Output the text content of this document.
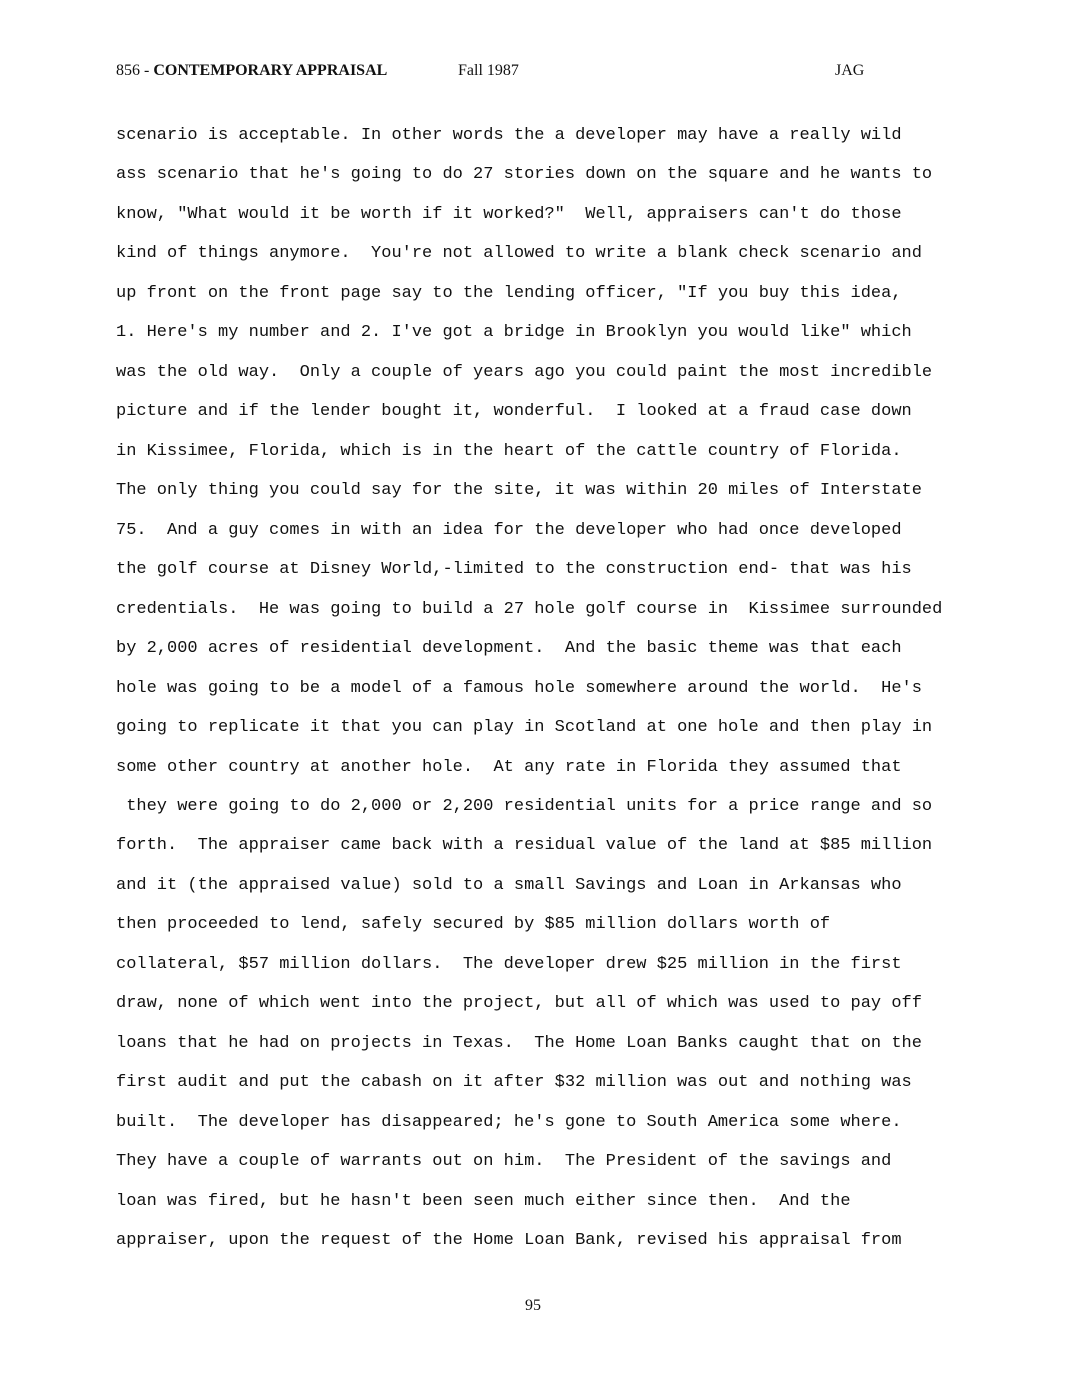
856 - CONTEMPORARY APPRAISAL	Fall 1987	JAG
scenario is acceptable. In other words the a developer may have a really wild
ass scenario that he's going to do 27 stories down on the square and he wants to
know, "What would it be worth if it worked?"  Well, appraisers can't do those
kind of things anymore.  You're not allowed to write a blank check scenario and
up front on the front page say to the lending officer, "If you buy this idea,
1. Here's my number and 2. I've got a bridge in Brooklyn you would like" which
was the old way.  Only a couple of years ago you could paint the most incredible
picture and if the lender bought it, wonderful.  I looked at a fraud case down
in Kissimee, Florida, which is in the heart of the cattle country of Florida.
The only thing you could say for the site, it was within 20 miles of Interstate
75.  And a guy comes in with an idea for the developer who had once developed
the golf course at Disney World,-limited to the construction end- that was his
credentials.  He was going to build a 27 hole golf course in  Kissimee surrounded
by 2,000 acres of residential development.  And the basic theme was that each
hole was going to be a model of a famous hole somewhere around the world.  He's
going to replicate it that you can play in Scotland at one hole and then play in
some other country at another hole.  At any rate in Florida they assumed that
they were going to do 2,000 or 2,200 residential units for a price range and so
forth.  The appraiser came back with a residual value of the land at $85 million
and it (the appraised value) sold to a small Savings and Loan in Arkansas who
then proceeded to lend, safely secured by $85 million dollars worth of
collateral, $57 million dollars.  The developer drew $25 million in the first
draw, none of which went into the project, but all of which was used to pay off
loans that he had on projects in Texas.  The Home Loan Banks caught that on the
first audit and put the cabash on it after $32 million was out and nothing was
built.  The developer has disappeared; he's gone to South America some where.
They have a couple of warrants out on him.  The President of the savings and
loan was fired, but he hasn't been seen much either since then.  And the
appraiser, upon the request of the Home Loan Bank, revised his appraisal from
95
